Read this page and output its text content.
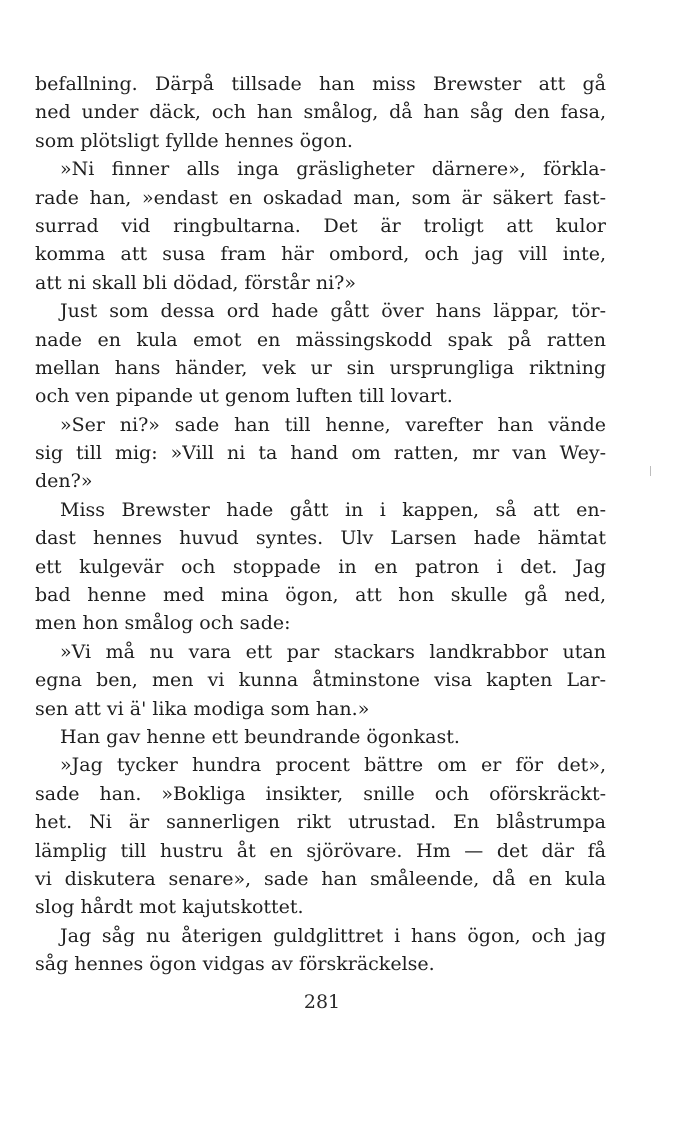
befallning. Därpå tillsade han miss Brewster att gå
ned under däck, och han smålog, då han såg den fasa,
som plötsligt fyllde hennes ögon.
»Ni finner alls inga gräsligheter därnere», förkla-
rade han, »endast en oskadad man, som är säkert fast-
surrad vid ringbultarna. Det är troligt att kulor
komma att susa fram här ombord, och jag vill inte,
att ni skall bli dödad, förstår ni?»
Just som dessa ord hade gått över hans läppar, tör-
nade en kula emot en mässingskodd spak på ratten
mellan hans händer, vek ur sin ursprungliga riktning
och ven pipande ut genom luften till lovart.
»Ser ni?» sade han till henne, varefter han vände
sig till mig: »Vill ni ta hand om ratten, mr van Wey-
den?»
Miss Brewster hade gått in i kappen, så att en-
dast hennes huvud syntes. Ulv Larsen hade hämtat
ett kulgevär och stoppade in en patron i det. Jag
bad henne med mina ögon, att hon skulle gå ned,
men hon smålog och sade:
»Vi må nu vara ett par stackars landkrabbor utan
egna ben, men vi kunna åtminstone visa kapten Lar-
sen att vi ä' lika modiga som han.»
Han gav henne ett beundrande ögonkast.
»Jag tycker hundra procent bättre om er för det»,
sade han. »Bokliga insikter, snille och oförskräckt-
het. Ni är sannerligen rikt utrustad. En blåstrumpa
lämplig till hustru åt en sjörövare. Hm — det där få
vi diskutera senare», sade han småleende, då en kula
slog hårdt mot kajutskottet.
Jag såg nu återigen guldglittret i hans ögon, och jag
såg hennes ögon vidgas av förskräckelse.
281
